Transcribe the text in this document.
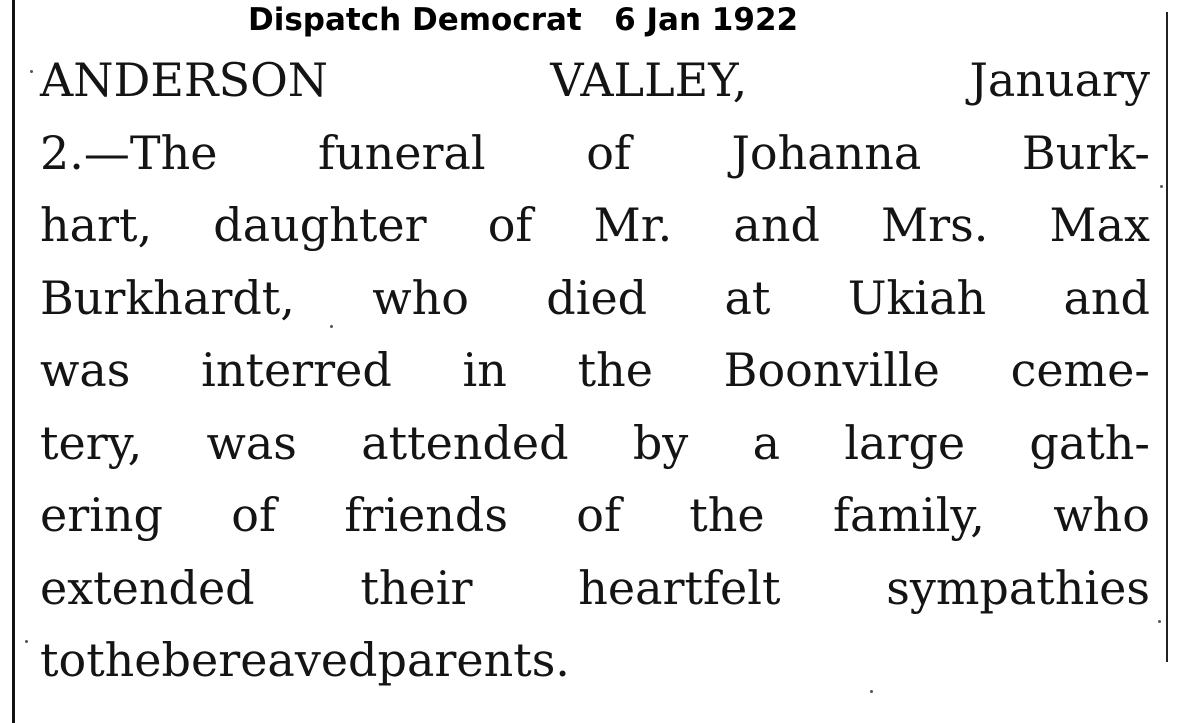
Dispatch Democrat 6 Jan 1922
ANDERSON	VALLEY,	January
2.—The funeral of Johanna Burk-
hart, daughter of Mr. and Mrs. Max
Burkhardt, who died at Ukiah and
was interred in the Boonville ceme-
tery, was attended by a large gath-
ering of friends of the family, who
extended their heartfelt sympathies
to the bereaved parents.
